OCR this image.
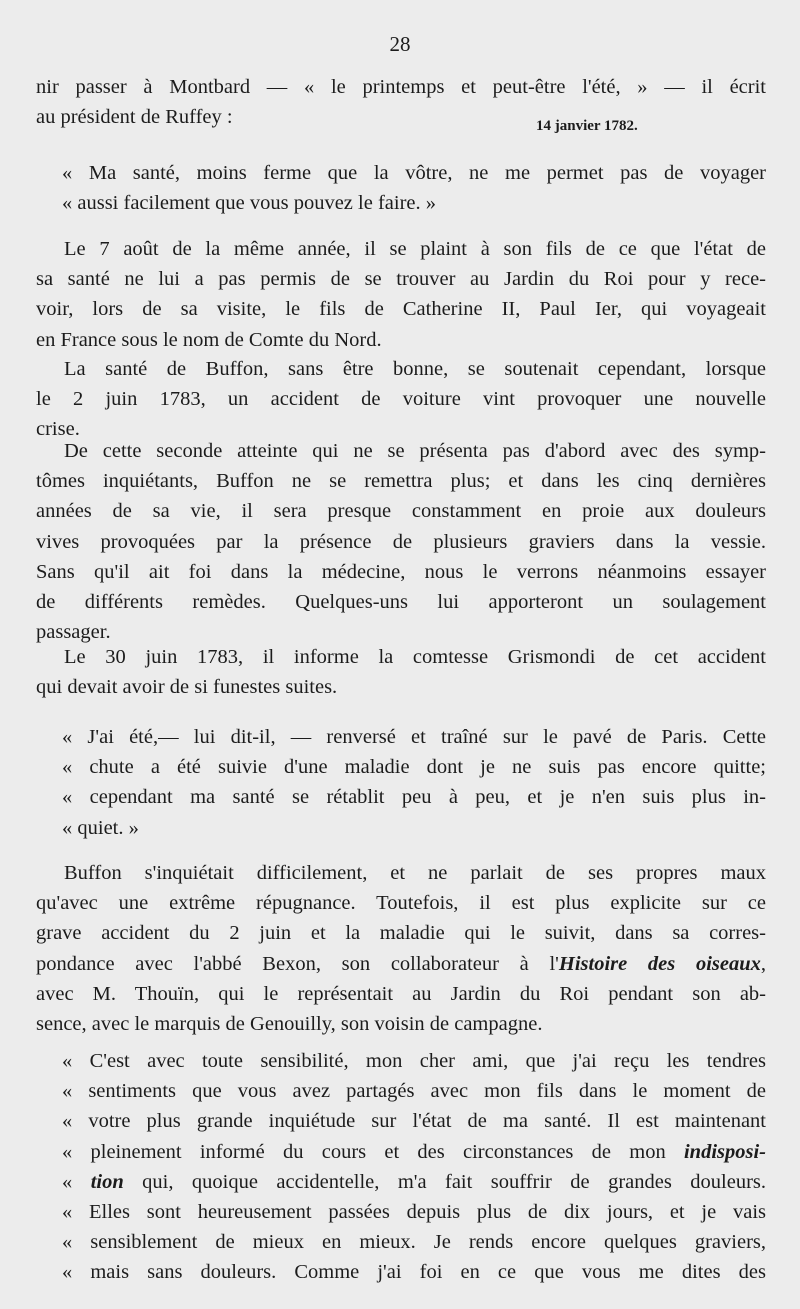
28
nir passer à Montbard — « le printemps et peut-être l'été, » — il écrit
au président de Ruffey :	14 janvier 1782.
« Ma santé, moins ferme que la vôtre, ne me permet pas de voyager
« aussi facilement que vous pouvez le faire. »
Le 7 août de la même année, il se plaint à son fils de ce que l'état de
sa santé ne lui a pas permis de se trouver au Jardin du Roi pour y rece-
voir, lors de sa visite, le fils de Catherine II, Paul Ier, qui voyageait
en France sous le nom de Comte du Nord.
La santé de Buffon, sans être bonne, se soutenait cependant, lorsque
le 2 juin 1783, un accident de voiture vint provoquer une nouvelle
crise.
De cette seconde atteinte qui ne se présenta pas d'abord avec des symp-
tômes inquiétants, Buffon ne se remettra plus; et dans les cinq dernières
années de sa vie, il sera presque constamment en proie aux douleurs
vives provoquées par la présence de plusieurs graviers dans la vessie.
Sans qu'il ait foi dans la médecine, nous le verrons néanmoins essayer
de différents remèdes. Quelques-uns lui apporteront un soulagement
passager.
Le 30 juin 1783, il informe la comtesse Grismondi de cet accident
qui devait avoir de si funestes suites.
« J'ai été,— lui dit-il, — renversé et traîné sur le pavé de Paris. Cette
« chute a été suivie d'une maladie dont je ne suis pas encore quitte;
« cependant ma santé se rétablit peu à peu, et je n'en suis plus in-
« quiet. »
Buffon s'inquiétait difficilement, et ne parlait de ses propres maux
qu'avec une extrême répugnance. Toutefois, il est plus explicite sur ce
grave accident du 2 juin et la maladie qui le suivit, dans sa corres-
pondance avec l'abbé Bexon, son collaborateur à l'Histoire des oiseaux,
avec M. Thouïn, qui le représentait au Jardin du Roi pendant son ab-
sence, avec le marquis de Genouilly, son voisin de campagne.
« C'est avec toute sensibilité, mon cher ami, que j'ai reçu les tendres
« sentiments que vous avez partagés avec mon fils dans le moment de
« votre plus grande inquiétude sur l'état de ma santé. Il est maintenant
« pleinement informé du cours et des circonstances de mon indisposi-
« tion qui, quoique accidentelle, m'a fait souffrir de grandes douleurs.
« Elles sont heureusement passées depuis plus de dix jours, et je vais
« sensiblement de mieux en mieux. Je rends encore quelques graviers,
« mais sans douleurs. Comme j'ai foi en ce que vous me dites des
